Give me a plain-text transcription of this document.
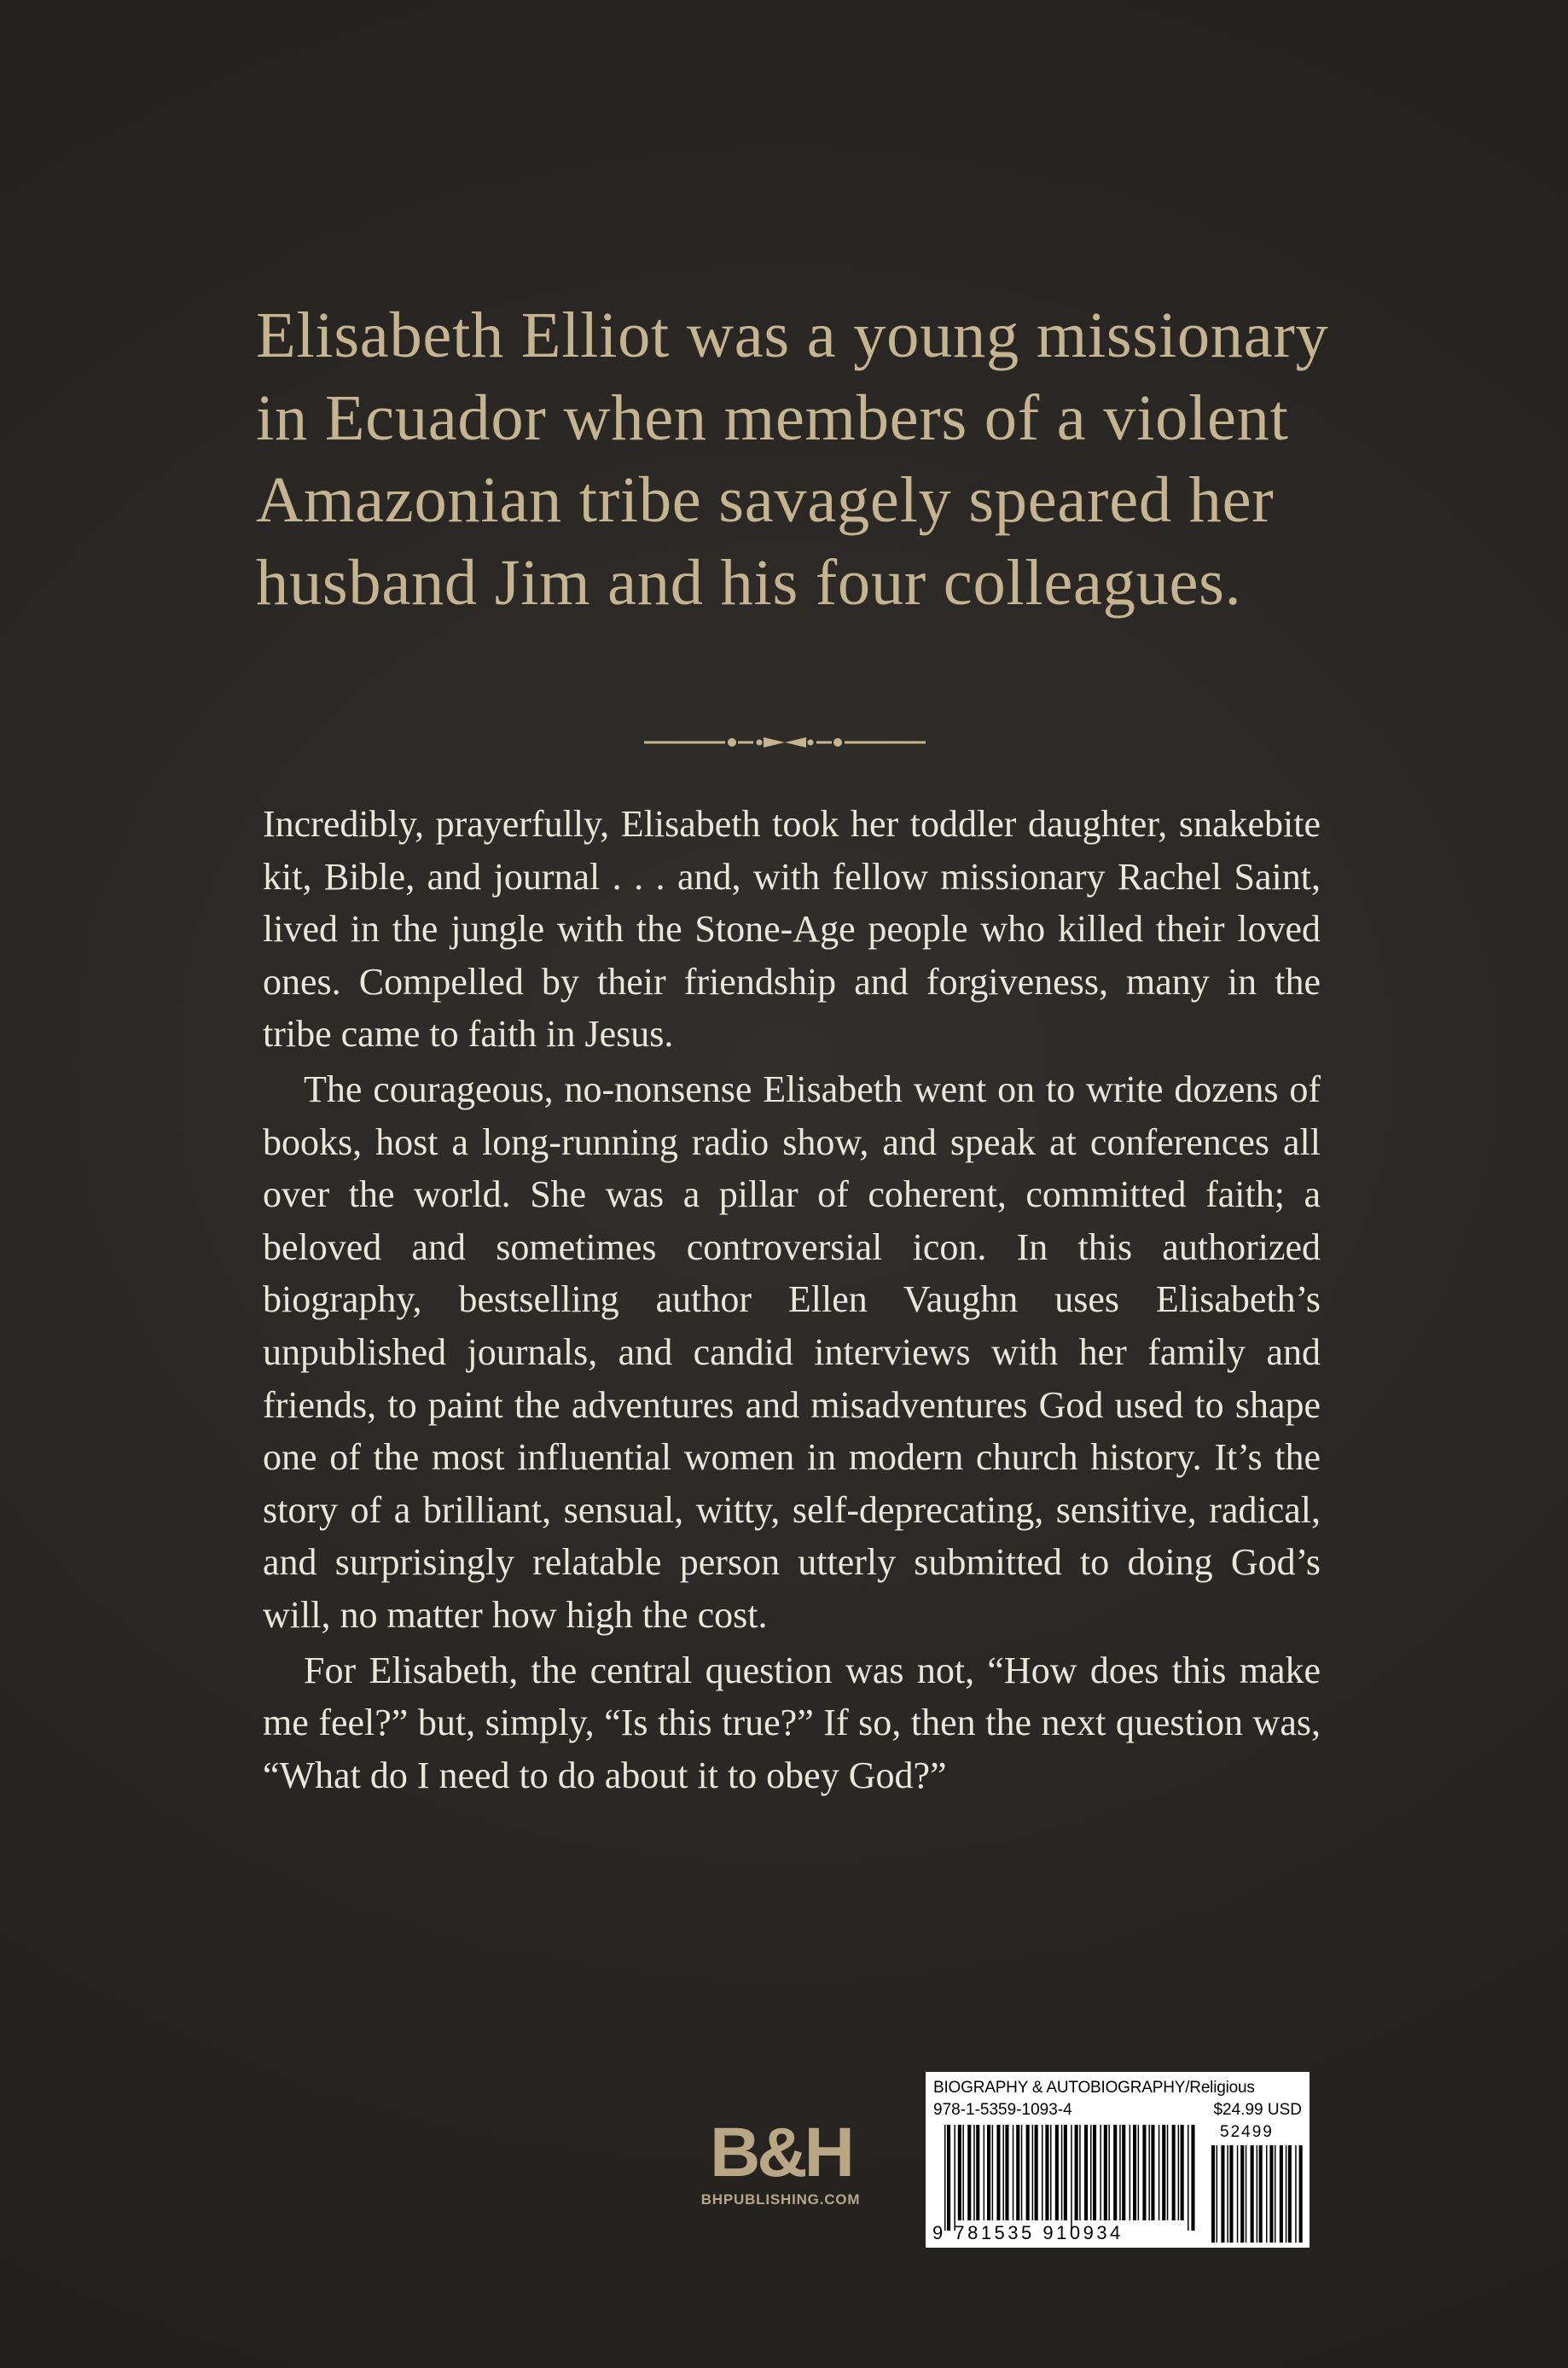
Elisabeth Elliot was a young missionary
in Ecuador when members of a violent
Amazonian tribe savagely speared her
husband Jim and his four colleagues.

Incredibly, prayerfully, Elisabeth took her toddler daughter, snakebite kit, Bible, and journal . . . and, with fellow missionary Rachel Saint, lived in the jungle with the Stone-Age people who killed their loved ones. Compelled by their friendship and forgiveness, many in the tribe came to faith in Jesus.

The courageous, no-nonsense Elisabeth went on to write dozens of books, host a long-running radio show, and speak at conferences all over the world. She was a pillar of coherent, committed faith; a beloved and sometimes controversial icon. In this authorized biography, bestselling author Ellen Vaughn uses Elisabeth’s unpublished journals, and candid interviews with her family and friends, to paint the adventures and misadventures God used to shape one of the most influential women in modern church history. It’s the story of a brilliant, sensual, witty, self-deprecating, sensitive, radical, and surprisingly relatable person utterly submitted to doing God’s will, no matter how high the cost.

For Elisabeth, the central question was not, “How does this make me feel?” but, simply, “Is this true?” If so, then the next question was, “What do I need to do about it to obey God?”

B&H
BHPUBLISHING.COM
BIOGRAPHY & AUTOBIOGRAPHY/Religious
978-1-5359-1093-4	$24.99 USD
52499
9 781535 910934
